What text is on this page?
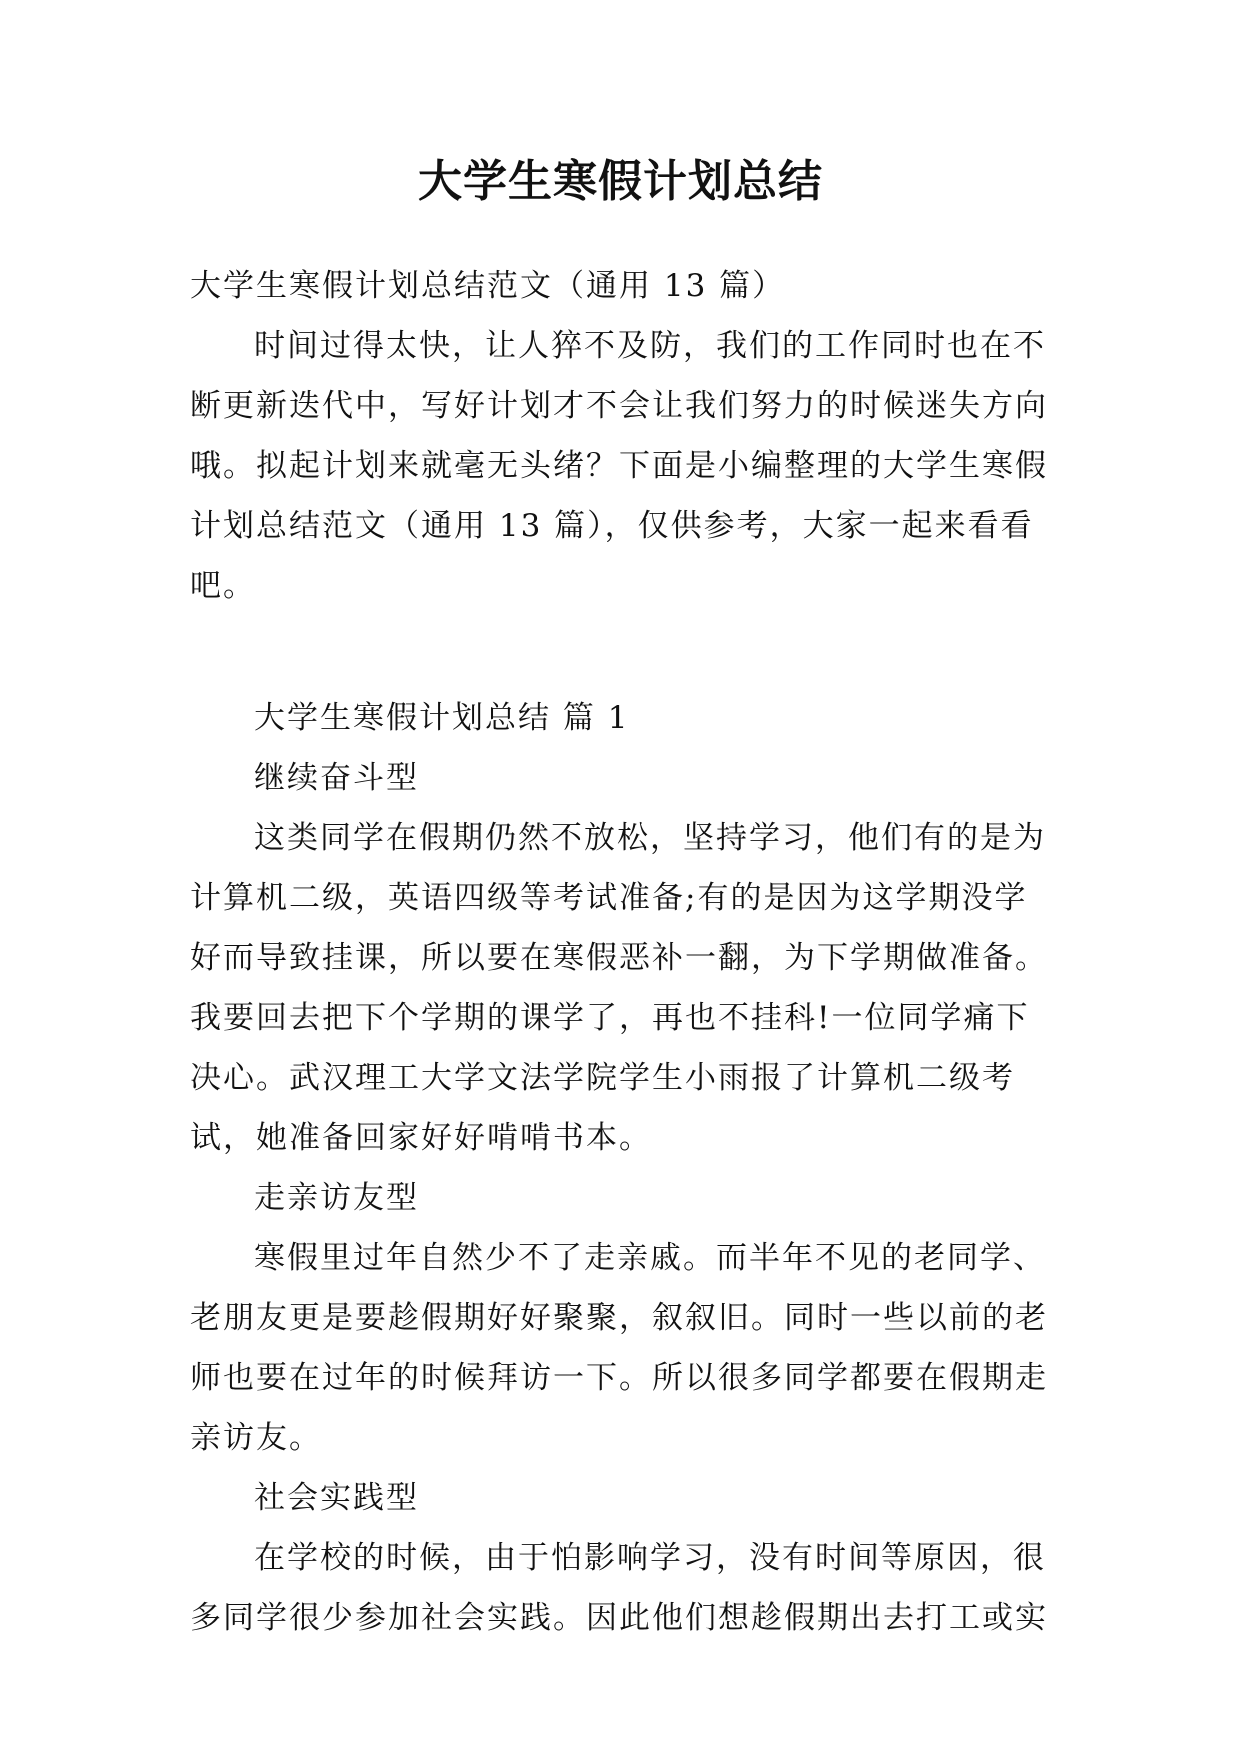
大学生寒假计划总结

大学生寒假计划总结范文（通用 13 篇）

时间过得太快，让人猝不及防，我们的工作同时也在不断更新迭代中，写好计划才不会让我们努力的时候迷失方向哦。拟起计划来就毫无头绪？下面是小编整理的大学生寒假计划总结范文（通用 13 篇），仅供参考，大家一起来看看吧。

大学生寒假计划总结 篇 1

继续奋斗型

这类同学在假期仍然不放松，坚持学习，他们有的是为计算机二级，英语四级等考试准备;有的是因为这学期没学好而导致挂课，所以要在寒假恶补一翻，为下学期做准备。我要回去把下个学期的课学了，再也不挂科!一位同学痛下决心。武汉理工大学文法学院学生小雨报了计算机二级考试，她准备回家好好啃啃书本。

走亲访友型

寒假里过年自然少不了走亲戚。而半年不见的老同学、老朋友更是要趁假期好好聚聚，叙叙旧。同时一些以前的老师也要在过年的时候拜访一下。所以很多同学都要在假期走亲访友。

社会实践型

在学校的时候，由于怕影响学习，没有时间等原因，很多同学很少参加社会实践。因此他们想趁假期出去打工或实
